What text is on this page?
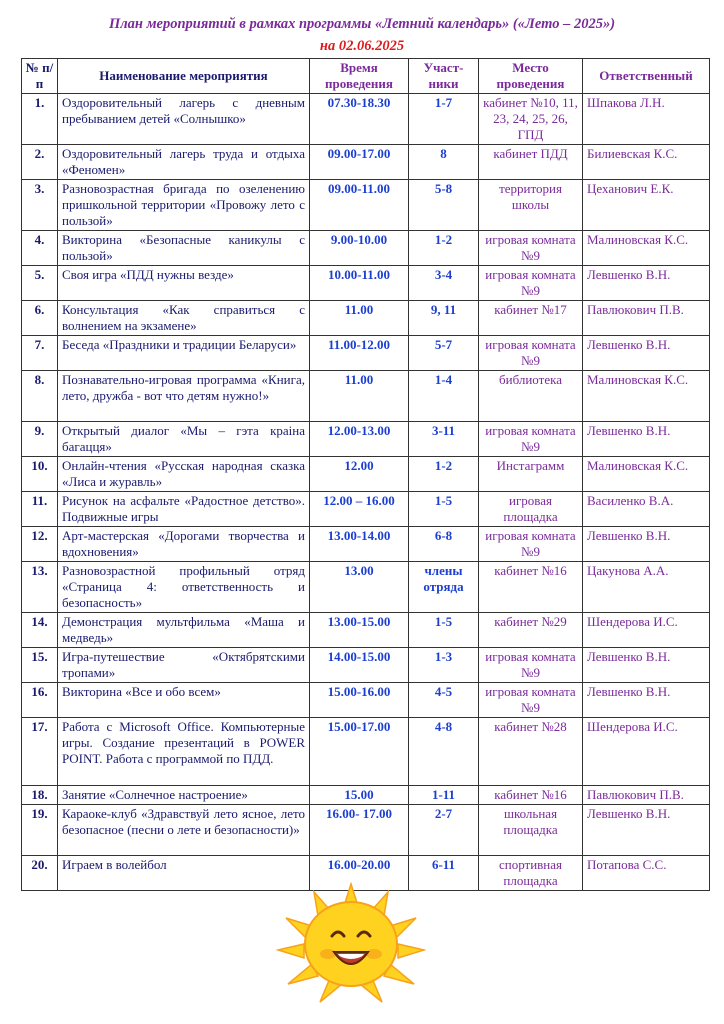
План мероприятий в рамках программы «Летний календарь» («Лето – 2025»)
на 02.06.2025
№ п/п	Наименование мероприятия	Время проведения	Участ-ники	Место проведения	Ответственный
1.	Оздоровительный лагерь с дневным пребыванием детей «Солнышко»	07.30-18.30	1-7	кабинет №10, 11, 23, 24, 25, 26, ГПД	Шпакова Л.Н.
2.	Оздоровительный лагерь труда и отдыха «Феномен»	09.00-17.00	8	кабинет ПДД	Билиевская К.С.
3.	Разновозрастная бригада по озеленению пришкольной территории «Провожу лето с пользой»	09.00-11.00	5-8	территория школы	Цеханович Е.К.
4.	Викторина «Безопасные каникулы с пользой»	9.00-10.00	1-2	игровая комната №9	Малиновская К.С.
5.	Своя игра «ПДД нужны везде»	10.00-11.00	3-4	игровая комната №9	Левшенко В.Н.
6.	Консультация «Как справиться с волнением на экзамене»	11.00	9, 11	кабинет №17	Павлюкович П.В.
7.	Беседа «Праздники и традиции Беларуси»	11.00-12.00	5-7	игровая комната №9	Левшенко В.Н.
8.	Познавательно-игровая программа «Книга, лето, дружба - вот что детям нужно!»	11.00	1-4	библиотека	Малиновская К.С.
9.	Открытый диалог «Мы – гэта краіна багацця»	12.00-13.00	3-11	игровая комната №9	Левшенко В.Н.
10.	Онлайн-чтения «Русская народная сказка «Лиса и журавль»	12.00	1-2	Инстаграмм	Малиновская К.С.
11.	Рисунок на асфальте «Радостное детство». Подвижные игры	12.00 – 16.00	1-5	игровая площадка	Василенко В.А.
12.	Арт-мастерская «Дорогами творчества и вдохновения»	13.00-14.00	6-8	игровая комната №9	Левшенко В.Н.
13.	Разновозрастной профильный отряд «Страница 4: ответственность и безопасность»	13.00	члены отряда	кабинет №16	Цакунова А.А.
14.	Демонстрация мультфильма «Маша и медведь»	13.00-15.00	1-5	кабинет №29	Шендерова И.С.
15.	Игра-путешествие «Октябрятскими тропами»	14.00-15.00	1-3	игровая комната №9	Левшенко В.Н.
16.	Викторина «Все и обо всем»	15.00-16.00	4-5	игровая комната №9	Левшенко В.Н.
17.	Работа с Microsoft Office. Компьютерные игры. Создание презентаций в POWER POINT. Работа с программой по ПДД.	15.00-17.00	4-8	кабинет №28	Шендерова И.С.
18.	Занятие «Солнечное настроение»	15.00	1-11	кабинет №16	Павлюкович П.В.
19.	Караоке-клуб «Здравствуй лето ясное, лето безопасное (песни о лете и безопасности)»	16.00- 17.00	2-7	школьная площадка	Левшенко В.Н.
20.	Играем в волейбол	16.00-20.00	6-11	спортивная площадка	Потапова С.С.
